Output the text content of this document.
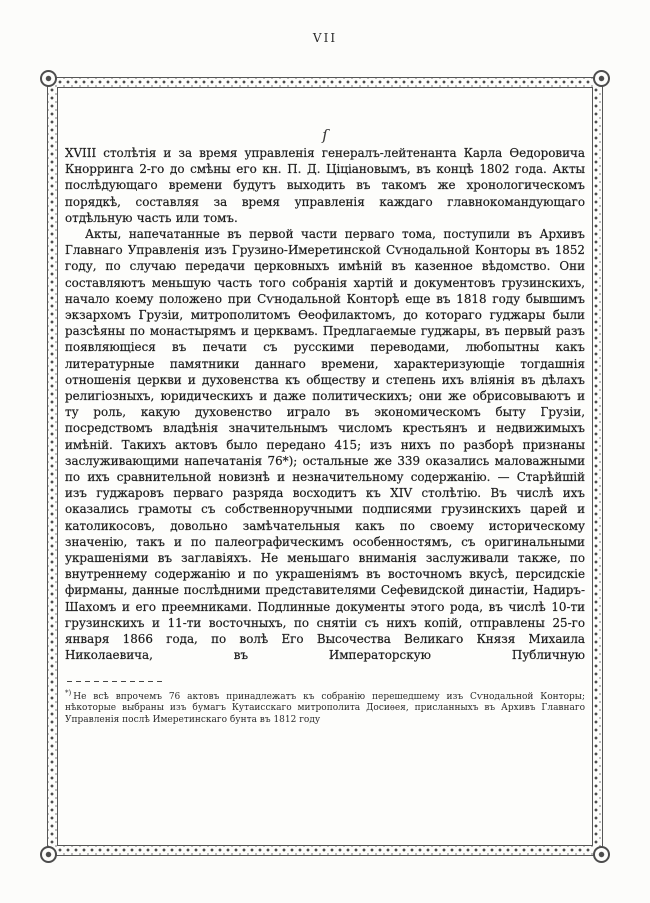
VII
ſ

XVIII столѣтія и за время управленія генералъ-лейтенанта Карла Ѳедоровича Кнорринга 2-го до смѣны его кн. П. Д. Ціціановымъ, въ концѣ 1802 года. Акты послѣдующаго времени будутъ выходить въ такомъ же хронологическомъ порядкѣ, составляя за время управленія каждаго главнокомандующаго отдѣльную часть или томъ.

Акты, напечатанные въ первой части перваго тома, поступили въ Архивъ Главнаго Управленія изъ Грузино-Имеретинской Сѵнодальной Конторы въ 1852 году, по случаю передачи церковныхъ имѣній въ казенное вѣдомство. Они составляютъ меньшую часть того собранія хартій и документовъ грузинскихъ, начало коему положено при Сѵнодальной Конторѣ еще въ 1818 году бывшимъ экзархомъ Грузіи, митрополитомъ Ѳеофилактомъ, до котораго гуджары были разсѣяны по монастырямъ и церквамъ. Предлагаемые гуджары, въ первый разъ появляющіеся въ печати съ русскими переводами, любопытны какъ литературные памятники даннаго времени, характеризующіе тогдашнія отношенія церкви и духовенства къ обществу и степень ихъ вліянія въ дѣлахъ религіозныхъ, юридическихъ и даже политическихъ; они же обрисовываютъ и ту роль, какую духовенство играло въ экономическомъ быту Грузіи, посредствомъ владѣнія значительнымъ числомъ крестьянъ и недвижимыхъ имѣній. Такихъ актовъ было передано 415; изъ нихъ по разборѣ признаны заслуживающими напечатанія 76*); остальные же 339 оказались маловажными по ихъ сравнительной новизнѣ и незначительному содержанію. — Старѣйшій изъ гуджаровъ перваго разряда восходитъ къ XIV столѣтію. Въ числѣ ихъ оказались грамоты съ собственноручными подписями грузинскихъ царей и католикосовъ, довольно замѣчательныя какъ по своему историческому значенію, такъ и по палеографическимъ особенностямъ, съ оригинальными украшеніями въ заглавіяхъ. Не меньшаго вниманія заслуживали также, по внутреннему содержанію и по украшеніямъ въ восточномъ вкусѣ, персидскіе фирманы, данные послѣдними представителями Сефевидской династіи, Надиръ-Шахомъ и его преемниками. Подлинные документы этого рода, въ числѣ 10-ти грузинскихъ и 11-ти восточныхъ, по снятіи съ нихъ копій, отправлены 25-го января 1866 года, по волѣ Его Высочества Великаго Князя Михаила Николаевича, въ Императорскую Публичную

*) Не всѣ впрочемъ 76 актовъ принадлежатъ къ собранію перешедшему изъ Сѵнодальной Конторы; нѣкоторые выбраны изъ бумагъ Кутаисскаго митрополита Досиѳея, присланныхъ въ Архивъ Главнаго Управленія послѣ Имеретинскаго бунта въ 1812 году
